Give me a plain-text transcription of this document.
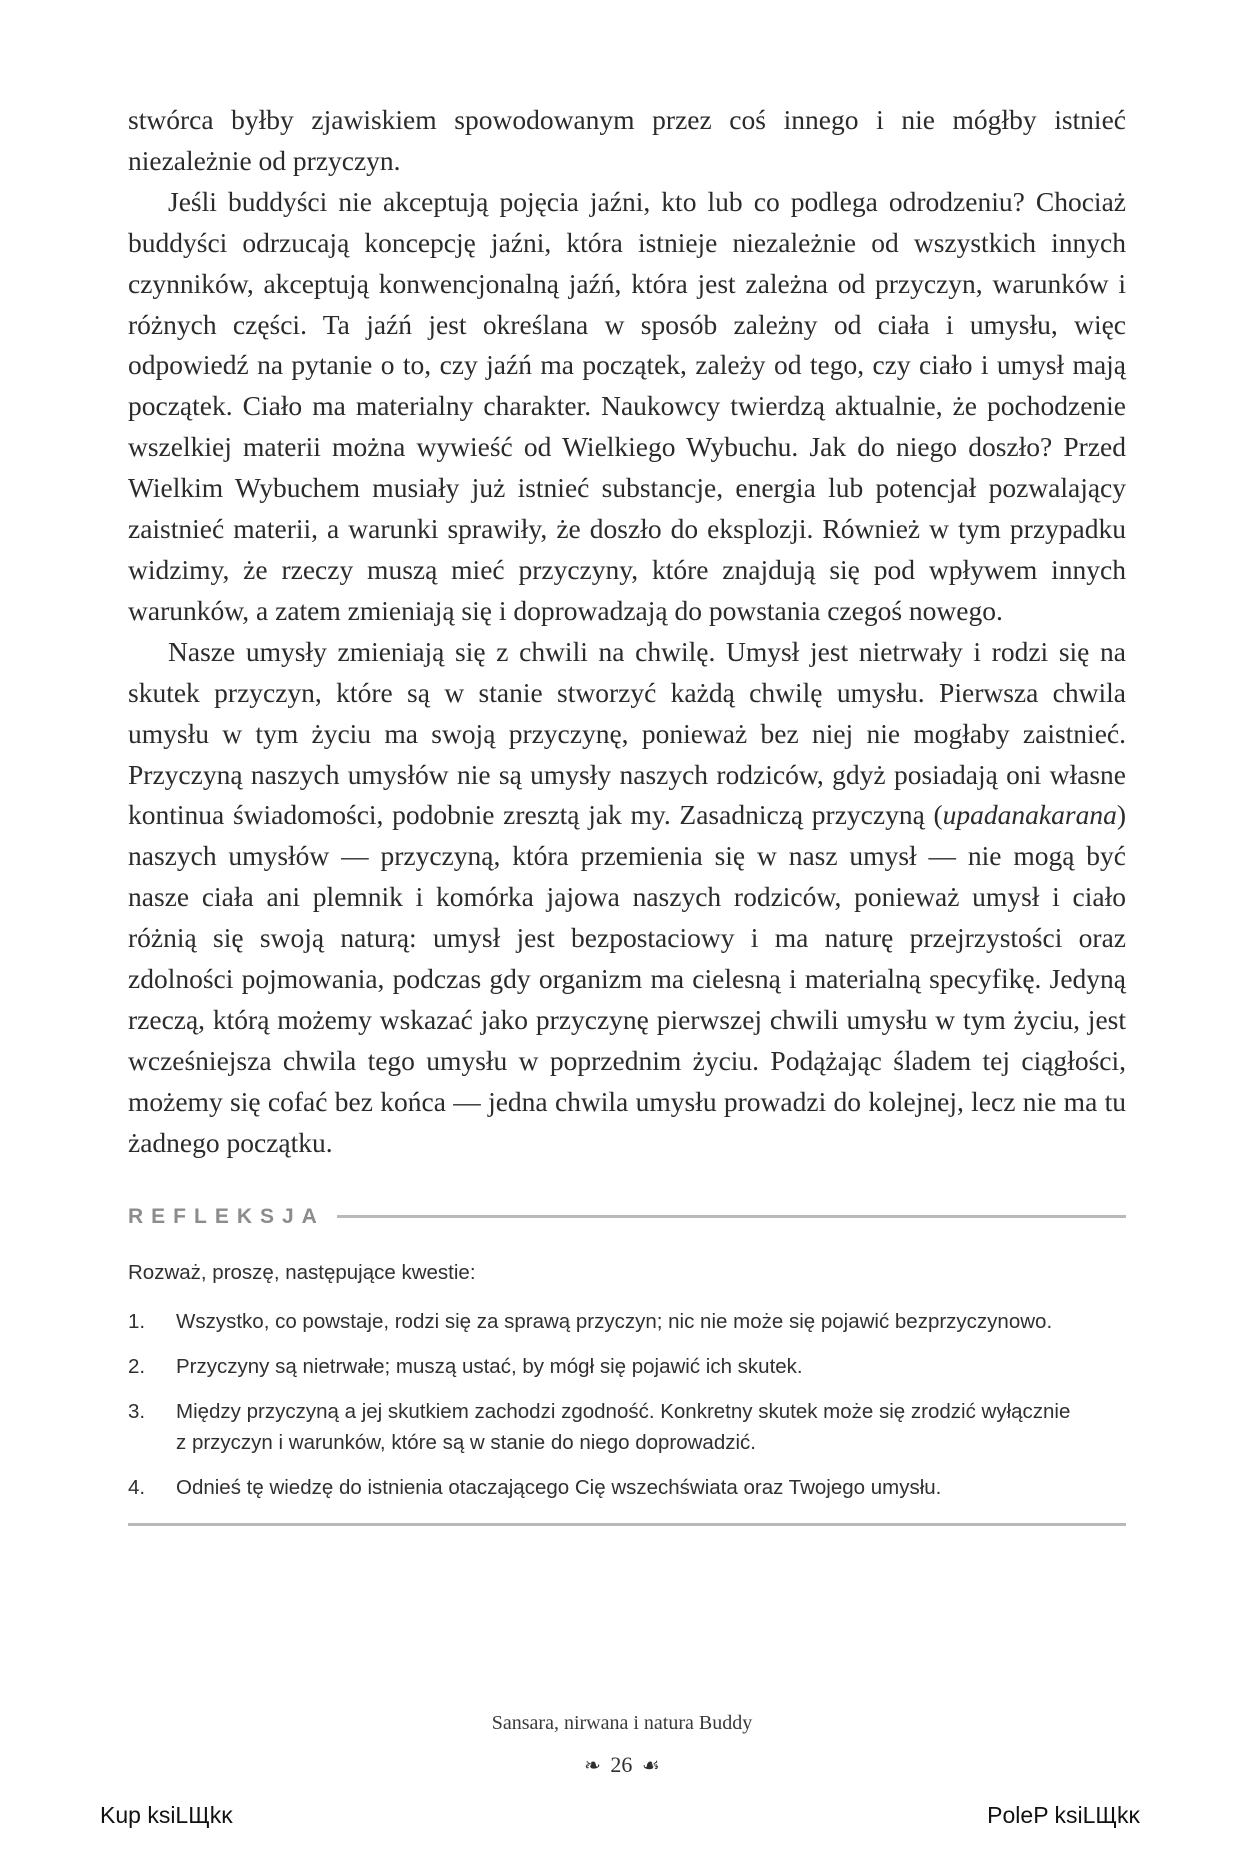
stwórca byłby zjawiskiem spowodowanym przez coś innego i nie mógłby istnieć niezależnie od przyczyn.

Jeśli buddyści nie akceptują pojęcia jaźni, kto lub co podlega odrodzeniu? Chociaż buddyści odrzucają koncepcję jaźni, która istnieje niezależnie od wszystkich innych czynników, akceptują konwencjonalną jaźń, która jest zależna od przyczyn, warunków i różnych części. Ta jaźń jest określana w sposób zależny od ciała i umysłu, więc odpowiedź na pytanie o to, czy jaźń ma początek, zależy od tego, czy ciało i umysł mają początek. Ciało ma materialny charakter. Naukowcy twierdzą aktualnie, że pochodzenie wszelkiej materii można wywieść od Wielkiego Wybuchu. Jak do niego doszło? Przed Wielkim Wybuchem musiały już istnieć substancje, energia lub potencjał pozwalający zaistnieć materii, a warunki sprawiły, że doszło do eksplozji. Również w tym przypadku widzimy, że rzeczy muszą mieć przyczyny, które znajdują się pod wpływem innych warunków, a zatem zmieniają się i doprowadzają do powstania czegoś nowego.

Nasze umysły zmieniają się z chwili na chwilę. Umysł jest nietrwały i rodzi się na skutek przyczyn, które są w stanie stworzyć każdą chwilę umysłu. Pierwsza chwila umysłu w tym życiu ma swoją przyczynę, ponieważ bez niej nie mogłaby zaistnieć. Przyczyną naszych umysłów nie są umysły naszych rodziców, gdyż posiadają oni własne kontinua świadomości, podobnie zresztą jak my. Zasadniczą przyczyną (upadanakarana) naszych umysłów — przyczyną, która przemienia się w nasz umysł — nie mogą być nasze ciała ani plemnik i komórka jajowa naszych rodziców, ponieważ umysł i ciało różnią się swoją naturą: umysł jest bezpostaciowy i ma naturę przejrzystości oraz zdolności pojmowania, podczas gdy organizm ma cielesną i materialną specyfikę. Jedyną rzeczą, którą możemy wskazać jako przyczynę pierwszej chwili umysłu w tym życiu, jest wcześniejsza chwila tego umysłu w poprzednim życiu. Podążając śladem tej ciągłości, możemy się cofać bez końca — jedna chwila umysłu prowadzi do kolejnej, lecz nie ma tu żadnego początku.

REFLEKSJA
Rozważ, proszę, następujące kwestie:
1.	Wszystko, co powstaje, rodzi się za sprawą przyczyn; nic nie może się pojawić bezprzyczynowo.
2.	Przyczyny są nietrwałe; muszą ustać, by mógł się pojawić ich skutek.
3.	Między przyczyną a jej skutkiem zachodzi zgodność. Konkretny skutek może się zrodzić wyłącznie z przyczyn i warunków, które są w stanie do niego doprowadzić.
4.	Odnieś tę wiedzę do istnienia otaczającego Cię wszechświata oraz Twojego umysłu.
Sansara, nirwana i natura Buddy
❧ 26 ☙
Kup ksiLЩkĸ	PoleP ksiLЩkĸ
